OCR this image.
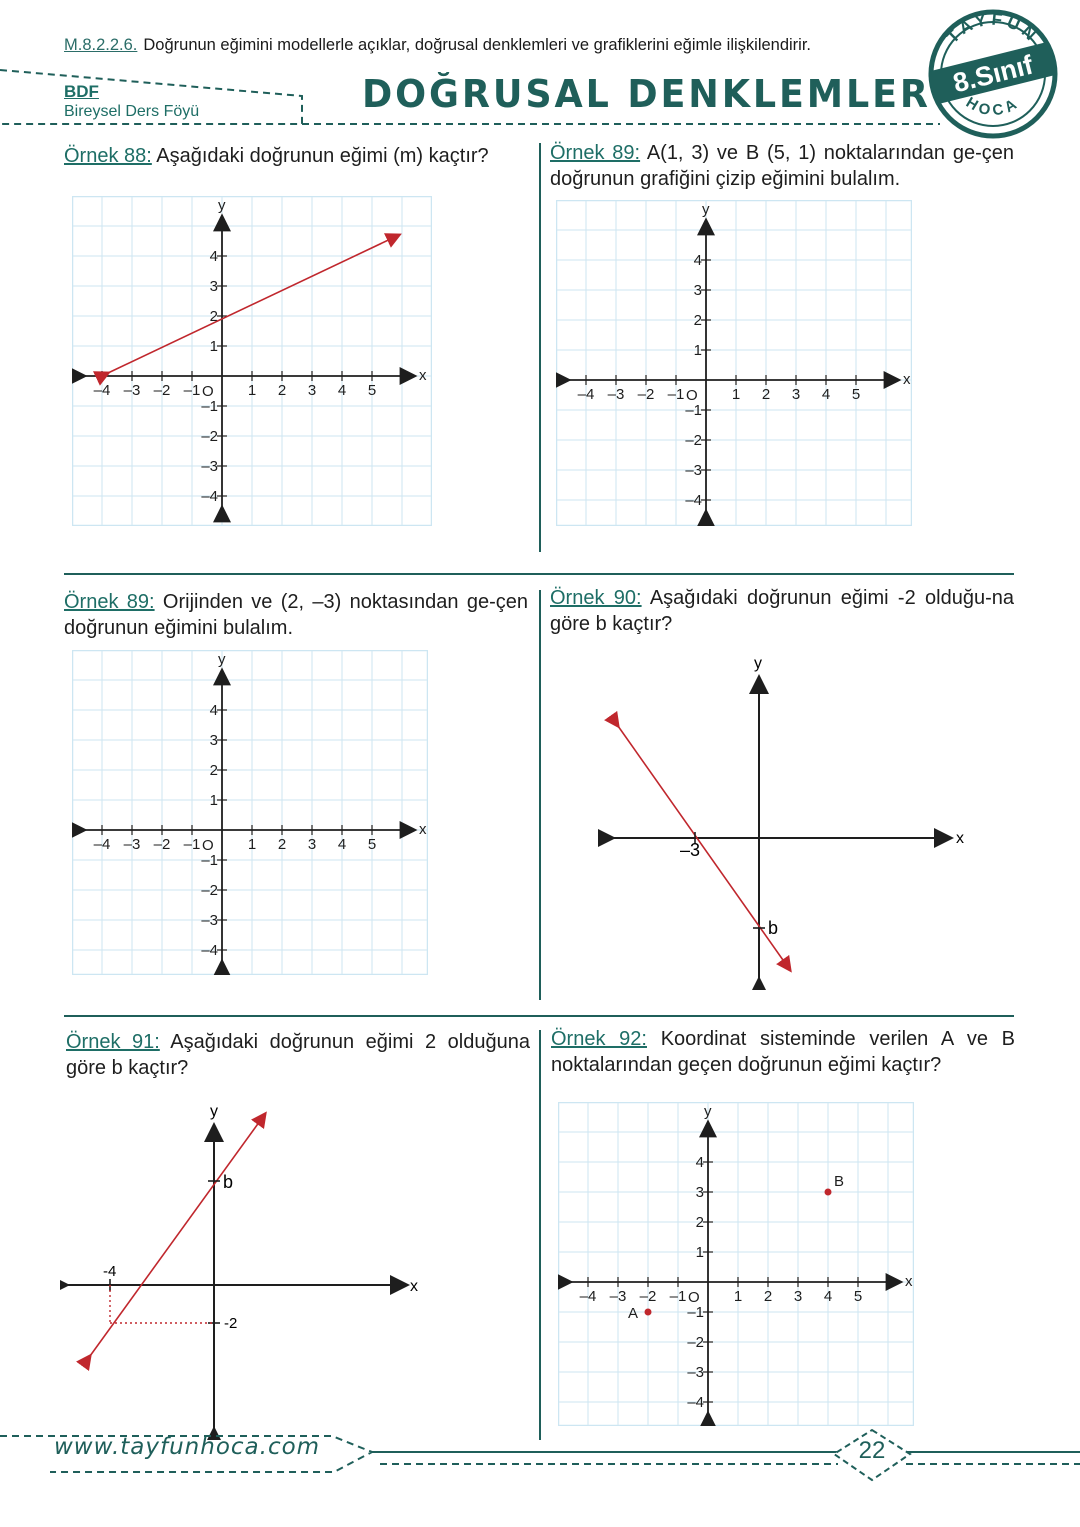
M.8.2.2.6. Doğrunun eğimini modellerle açıklar, doğrusal denklemleri ve grafiklerini eğimle ilişkilendirir.
BDF
Bireysel Ders Föyü	DOĞRUSAL DENKLEMLER
TAYFUN
HOCA
8.Sınıf
Örnek 88: Aşağıdaki doğrunun eğimi (m) kaçtır?	Örnek 89: A(1, 3) ve B (5, 1) noktalarından ge-çen doğrunun grafiğini çizip eğimini bulalım.
Örnek 89: Orijinden ve (2, –3) noktasından ge-çen doğrunun eğimini bulalım.
Örnek 90: Aşağıdaki doğrunun eğimi -2 olduğu-na göre b kaçtır?
Örnek 91: Aşağıdaki doğrunun eğimi 2 olduğuna göre b kaçtır?
Örnek 92: Koordinat sisteminde verilen A ve B noktalarından geçen doğrunun eğimi kaçtır?
x
y
O
–4 –3 –2 –1	1 2 3 4 5
4
3
2
1
–1
–2
–3
–4
x
y
O
–4 –3 –2 –1	1 2 3 4 5
4
3
2
1
–1
–2
–3
–4
x
y
O
–4 –3 –2 –1	1 2 3 4 5
4
3
2
1
–1
–2
–3
–4
x
y
O
–4 –3 –2 –1	1 2 3 4 5
4
3
2
1
–1
–2
–3
–4
A
B
x
y
–3
b
x
y
-4
-2
b
www.tayfunhoca.com	22
